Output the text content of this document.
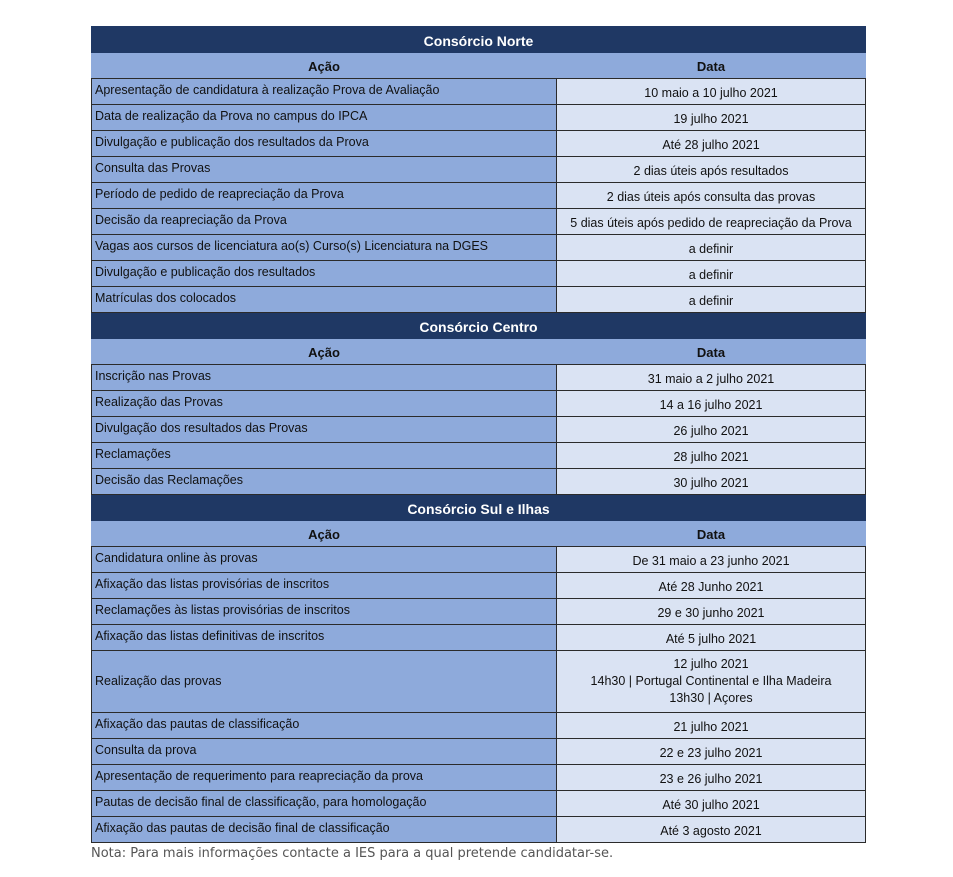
Consórcio Norte	
Ação	Data
Apresentação de candidatura à realização Prova de Avaliação	10 maio a 10 julho 2021
Data de realização da Prova no campus do IPCA	19 julho 2021
Divulgação e publicação dos resultados da Prova	Até 28 julho 2021
Consulta das Provas	2 dias úteis após resultados
Período de pedido de reapreciação da Prova	2 dias úteis após consulta das provas
Decisão da reapreciação da Prova	5 dias úteis após pedido de reapreciação da Prova
Vagas aos cursos de licenciatura ao(s) Curso(s) Licenciatura na DGES	a definir
Divulgação e publicação dos resultados	a definir
Matrículas dos colocados	a definir
Consórcio Centro	
Ação	Data
Inscrição nas Provas	31 maio a 2 julho 2021
Realização das Provas	14 a 16 julho 2021
Divulgação dos resultados das Provas	26 julho 2021
Reclamações	28 julho 2021
Decisão das Reclamações	30 julho 2021
Consórcio Sul e Ilhas	
Ação	Data
Candidatura online às provas	De 31 maio a 23 junho 2021
Afixação das listas provisórias de inscritos	Até 28 Junho 2021
Reclamações às listas provisórias de inscritos	29 e 30 junho 2021
Afixação das listas definitivas de inscritos	Até 5 julho 2021
Realização das provas	12 julho 2021
14h30 | Portugal Continental e Ilha Madeira
13h30 | Açores

Afixação das pautas de classificação	21 julho 2021
Consulta da prova	22 e 23 julho 2021
Apresentação de requerimento para reapreciação da prova	23 e 26 julho 2021
Pautas de decisão final de classificação, para homologação	Até 30 julho 2021
Afixação das pautas de decisão final de classificação	Até 3 agosto 2021
Nota: Para mais informações contacte a IES para a qual pretende candidatar-se.
